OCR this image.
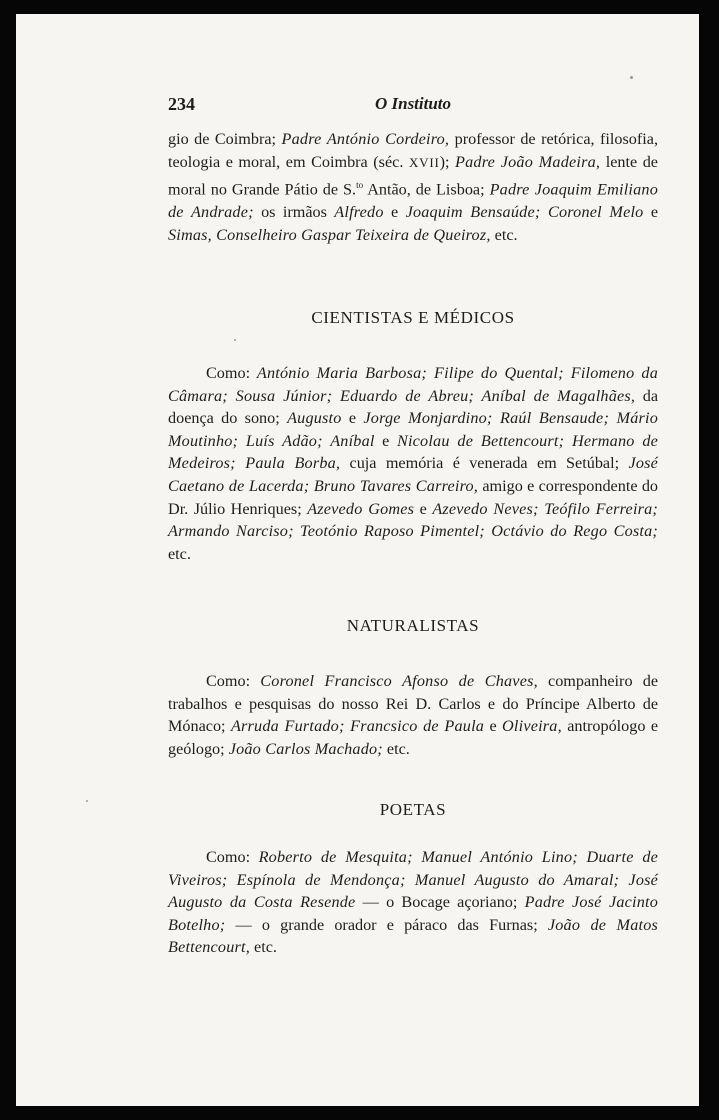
234	O Instituto

gio de Coimbra; Padre António Cordeiro, professor de retórica, filosofia, teologia e moral, em Coimbra (séc. XVII); Padre João Madeira, lente de moral no Grande Pátio de S.$^{to}$ Antão, de Lisboa; Padre Joaquim Emiliano de Andrade; os irmãos Alfredo e Joaquim Bensaúde; Coronel Melo e Simas, Conselheiro Gaspar Teixeira de Queiroz, etc.

CIENTISTAS E MÉDICOS

Como: António Maria Barbosa; Filipe do Quental; Filomeno da Câmara; Sousa Júnior; Eduardo de Abreu; Aníbal de Magalhães, da doença do sono; Augusto e Jorge Monjardino; Raúl Bensaude; Mário Moutinho; Luís Adão; Aníbal e Nicolau de Bettencourt; Hermano de Medeiros; Paula Borba, cuja memória é venerada em Setúbal; José Caetano de Lacerda; Bruno Tavares Carreiro, amigo e correspondente do Dr. Júlio Henriques; Azevedo Gomes e Azevedo Neves; Teófilo Ferreira; Armando Narciso; Teotónio Raposo Pimentel; Octávio do Rego Costa; etc.

NATURALISTAS

Como: Coronel Francisco Afonso de Chaves, companheiro de trabalhos e pesquisas do nosso Rei D. Carlos e do Príncipe Alberto de Mónaco; Arruda Furtado; Francsico de Paula e Oliveira, antropólogo e geólogo; João Carlos Machado; etc.

POETAS

Como: Roberto de Mesquita; Manuel António Lino; Duarte de Viveiros; Espínola de Mendonça; Manuel Augusto do Amaral; José Augusto da Costa Resende — o Bocage açoriano; Padre José Jacinto Botelho; — o grande orador e páraco das Furnas; João de Matos Bettencourt, etc.
